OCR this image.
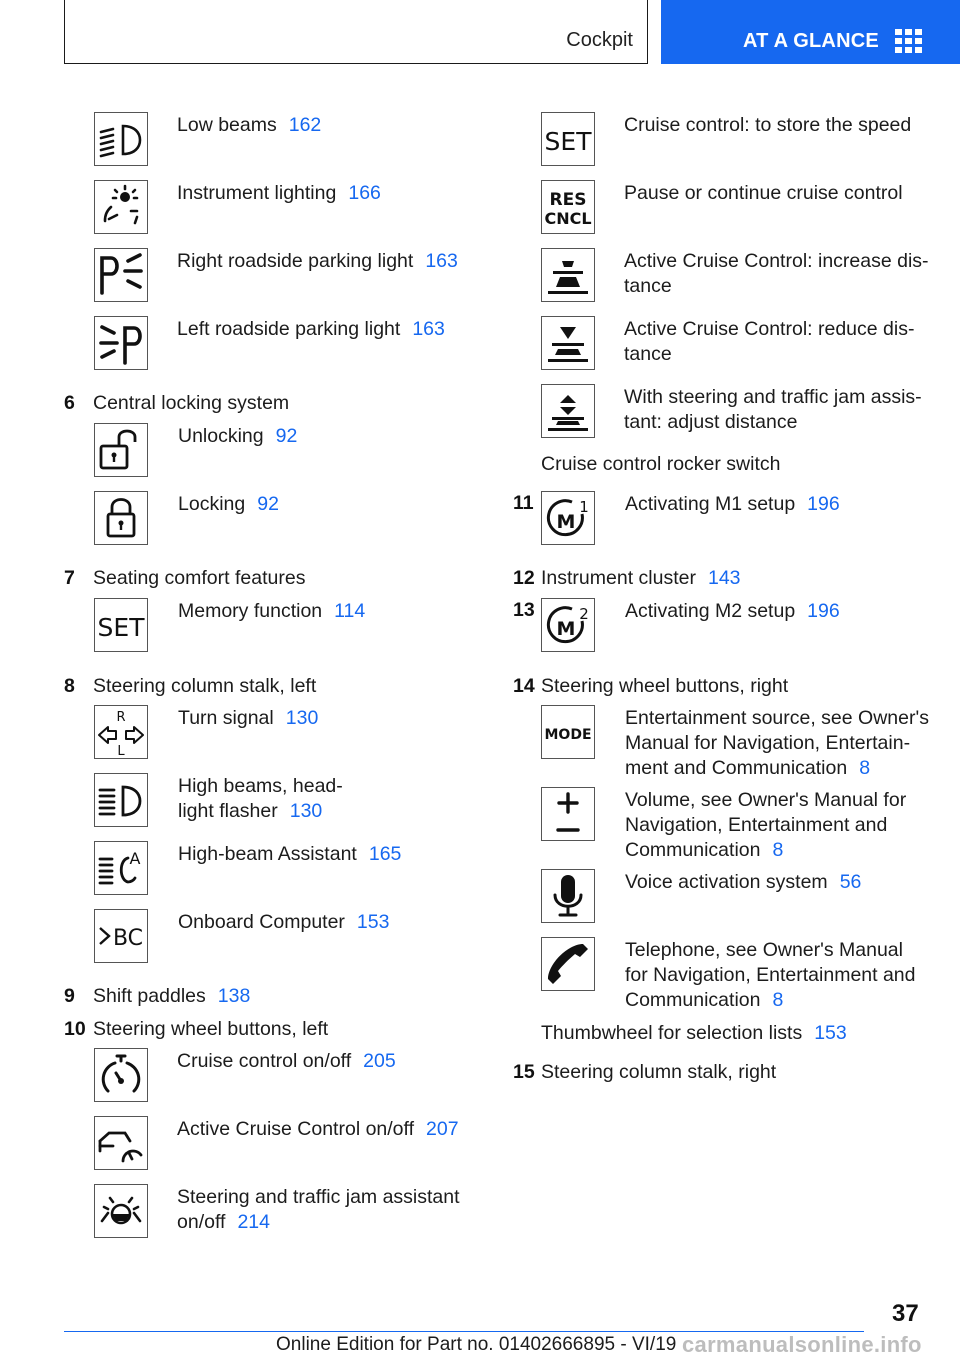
Cockpit	AT A GLANCE
Low beams 162
Instrument lighting 166
Right roadside parking light 163
Left roadside parking light 163
6 Central locking system
Unlocking 92
Locking 92
7 Seating comfort features
SET
Memory function 114
8 Steering column stalk, left
R
L
Turn signal 130
High beams, head-
light flasher 130
A High-beam Assistant 165
BC
Onboard Computer 153
9 Shift paddles 138
10 Steering wheel buttons, left
Cruise control on/off 205
Active Cruise Control on/off 207
Steering and traffic jam assistant
on/off 214
SET
Cruise control: to store the speed
RES
CNCL
Pause or continue cruise control
Active Cruise Control: increase dis-
tance
Active Cruise Control: reduce dis-
tance
With steering and traffic jam assis-
tant: adjust distance
Cruise control rocker switch
11
M
1 Activating M1 setup 196
12 Instrument cluster 143
13
M
2 Activating M2 setup 196
14 Steering wheel buttons, right
MODE
Entertainment source, see Owner's
Manual for Navigation, Entertain-
ment and Communication 8
Volume, see Owner's Manual for
Navigation, Entertainment and
Communication 8
Voice activation system 56
Telephone, see Owner's Manual
for Navigation, Entertainment and
Communication 8
Thumbwheel for selection lists 153
15 Steering column stalk, right
37
Online Edition for Part no. 01402666895 - VI/19 carmanualsonline.info
